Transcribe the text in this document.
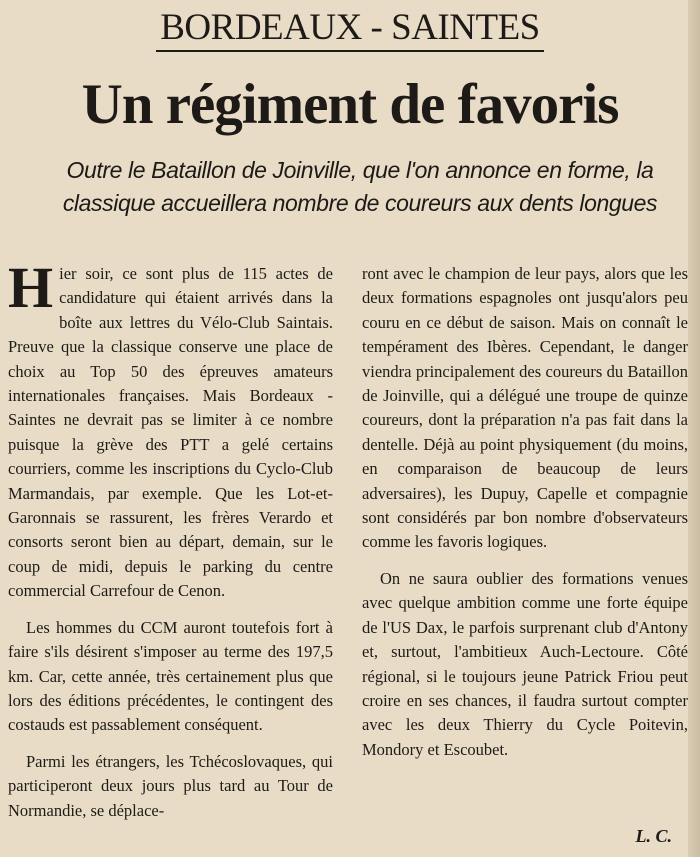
BORDEAUX - SAINTES
Un régiment de favoris
Outre le Bataillon de Joinville, que l'on annonce en forme, la classique accueillera nombre de coureurs aux dents longues

Hier soir, ce sont plus de 115 actes de candidature qui étaient arrivés dans la boîte aux lettres du Vélo-Club Saintais. Preuve que la classique conserve une place de choix au Top 50 des épreuves amateurs internationales françaises. Mais Bordeaux - Saintes ne devrait pas se limiter à ce nombre puisque la grève des PTT a gelé certains courriers, comme les inscriptions du Cyclo-Club Marmandais, par exemple. Que les Lot-et-Garonnais se rassurent, les frères Verardo et consorts seront bien au départ, demain, sur le coup de midi, depuis le parking du centre commercial Carrefour de Cenon.

Les hommes du CCM auront toutefois fort à faire s'ils désirent s'imposer au terme des 197,5 km. Car, cette année, très certainement plus que lors des éditions précédentes, le contingent des costauds est passablement conséquent.

Parmi les étrangers, les Tchécoslovaques, qui participeront deux jours plus tard au Tour de Normandie, se déplace-

ront avec le champion de leur pays, alors que les deux formations espagnoles ont jusqu'alors peu couru en ce début de saison. Mais on connaît le tempérament des Ibères. Cependant, le danger viendra principalement des coureurs du Bataillon de Joinville, qui a délégué une troupe de quinze coureurs, dont la préparation n'a pas fait dans la dentelle. Déjà au point physiquement (du moins, en comparaison de beaucoup de leurs adversaires), les Dupuy, Capelle et compagnie sont considérés par bon nombre d'observateurs comme les favoris logiques.

On ne saura oublier des formations venues avec quelque ambition comme une forte équipe de l'US Dax, le parfois surprenant club d'Antony et, surtout, l'ambitieux Auch-Lectoure. Côté régional, si le toujours jeune Patrick Friou peut croire en ses chances, il faudra surtout compter avec les deux Thierry du Cycle Poitevin, Mondory et Escoubet.

L. C.
